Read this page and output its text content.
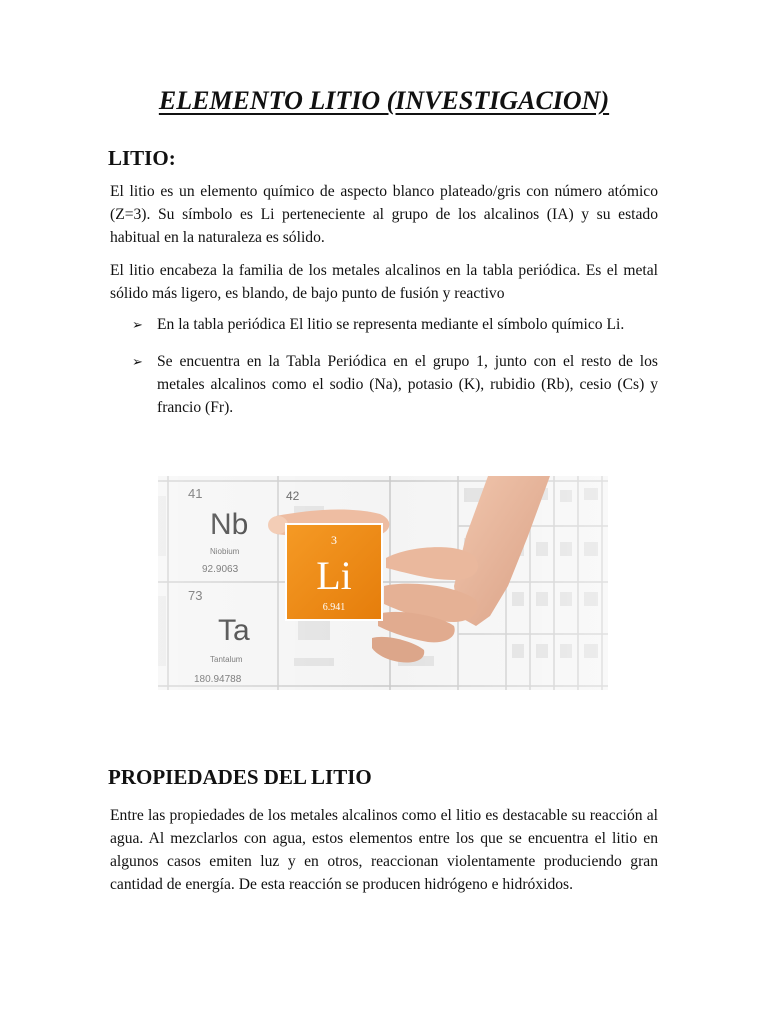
ELEMENTO LITIO (INVESTIGACION)
LITIO:

El litio es un elemento químico de aspecto blanco plateado/gris con número atómico (Z=3). Su símbolo es Li perteneciente al grupo de los alcalinos (IA) y su estado habitual en la naturaleza es sólido.

El litio encabeza la familia de los metales alcalinos en la tabla periódica. Es el metal sólido más ligero, es blando, de bajo punto de fusión y reactivo

➢ En la tabla periódica El litio se representa mediante el símbolo químico Li.
➢ Se encuentra en la Tabla Periódica en el grupo 1, junto con el resto de los metales alcalinos como el sodio (Na), potasio (K), rubidio (Rb), cesio (Cs) y francio (Fr).
3
Li
6.941
PROPIEDADES DEL LITIO

Entre las propiedades de los metales alcalinos como el litio es destacable su reacción al agua. Al mezclarlos con agua, estos elementos entre los que se encuentra el litio en algunos casos emiten luz y en otros, reaccionan violentamente produciendo gran cantidad de energía. De esta reacción se producen hidrógeno e hidróxidos.
